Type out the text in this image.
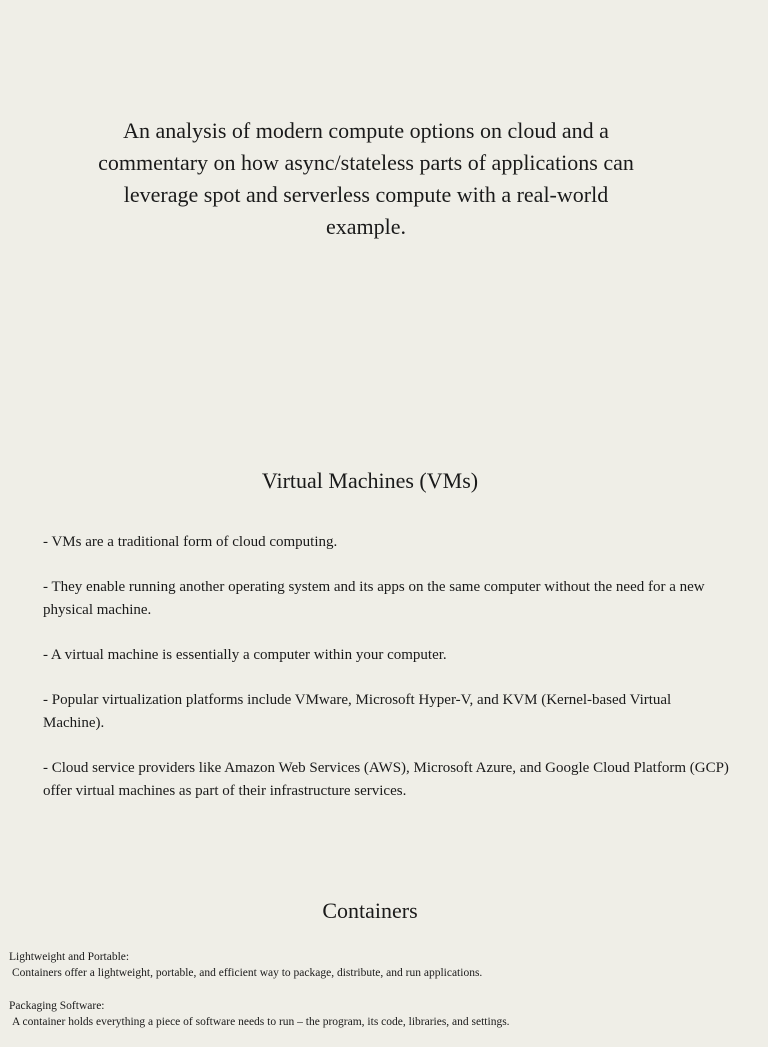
An analysis of modern compute options on cloud and a commentary on how async/stateless parts of applications can leverage spot and serverless compute with a real-world example.

Virtual Machines (VMs)
- VMs are a traditional form of cloud computing.
- They enable running another operating system and its apps on the same computer without the need for a new physical machine.
- A virtual machine is essentially a computer within your computer.
- Popular virtualization platforms include VMware, Microsoft Hyper-V, and KVM (Kernel-based Virtual Machine).
- Cloud service providers like Amazon Web Services (AWS), Microsoft Azure, and Google Cloud Platform (GCP) offer virtual machines as part of their infrastructure services.
Containers
Lightweight and Portable:
Containers offer a lightweight, portable, and efficient way to package, distribute, and run applications.
Packaging Software:
A container holds everything a piece of software needs to run – the program, its code, libraries, and settings.
